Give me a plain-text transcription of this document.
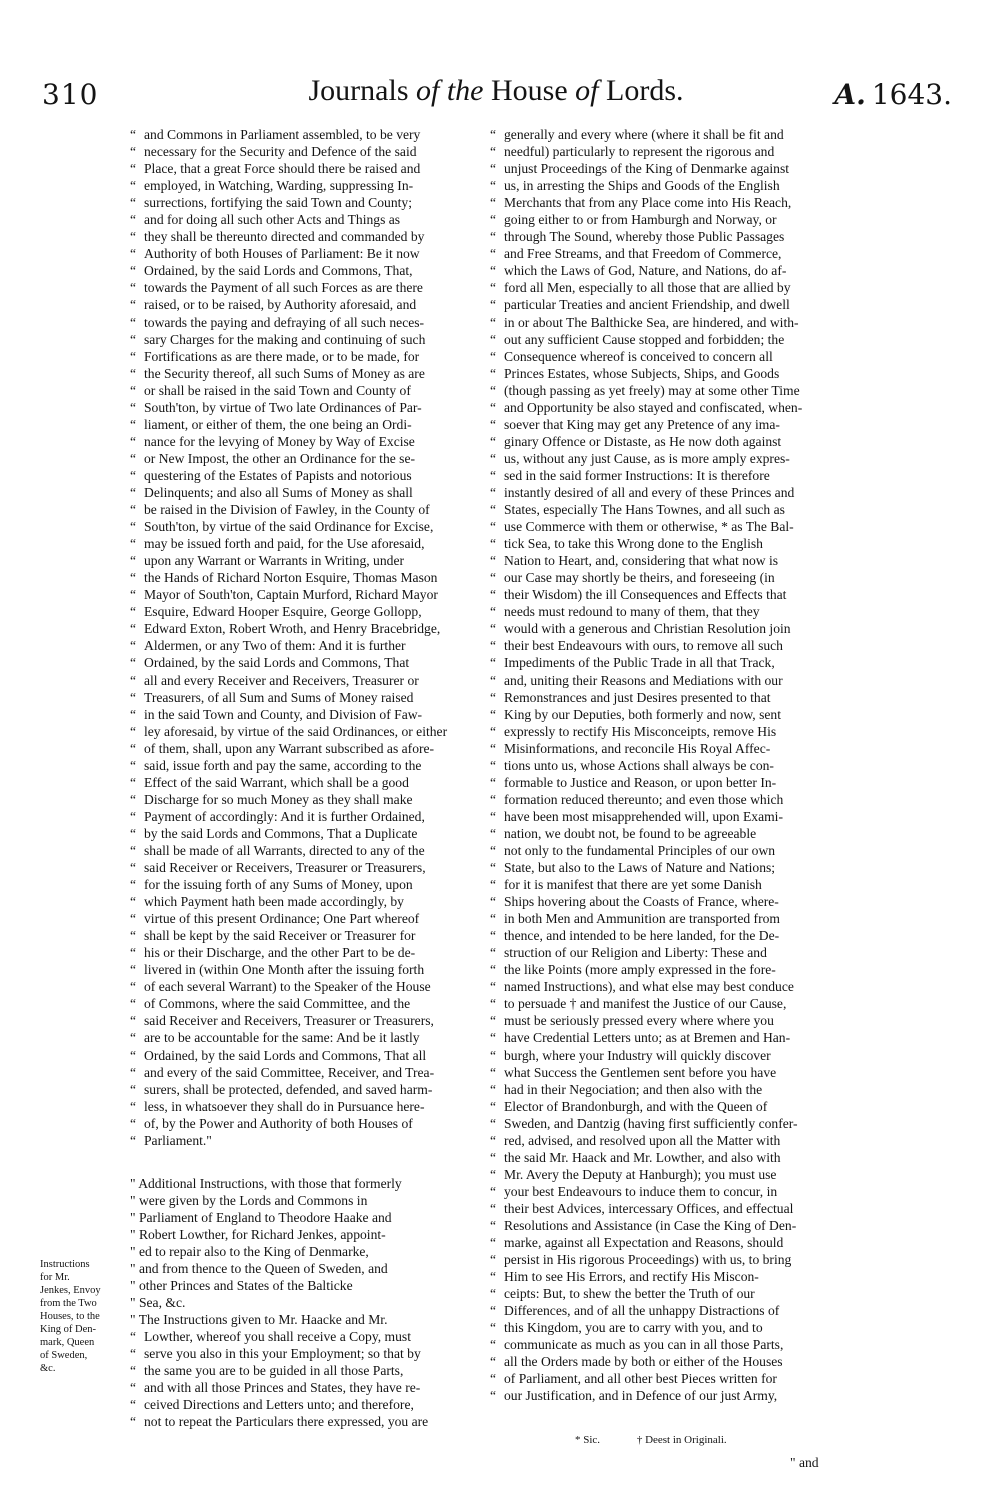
310	Journals of the House of Lords.	A. 1643.
“ and Commons in Parliament assembled, to be very
“ necessary for the Security and Defence of the said
“ Place, that a great Force should there be raised and
“ employed, in Watching, Warding, suppressing In-
“ surrections, fortifying the said Town and County;
“ and for doing all such other Acts and Things as
“ they shall be thereunto directed and commanded by
“ Authority of both Houses of Parliament: Be it now
“ Ordained, by the said Lords and Commons, That,
“ towards the Payment of all such Forces as are there
“ raised, or to be raised, by Authority aforesaid, and
“ towards the paying and defraying of all such neces-
“ sary Charges for the making and continuing of such
“ Fortifications as are there made, or to be made, for
“ the Security thereof, all such Sums of Money as are
“ or shall be raised in the said Town and County of
“ South'ton, by virtue of Two late Ordinances of Par-
“ liament, or either of them, the one being an Ordi-
“ nance for the levying of Money by Way of Excise
“ or New Impost, the other an Ordinance for the se-
“ questering of the Estates of Papists and notorious
“ Delinquents; and also all Sums of Money as shall
“ be raised in the Division of Fawley, in the County of
“ South'ton, by virtue of the said Ordinance for Excise,
“ may be issued forth and paid, for the Use aforesaid,
“ upon any Warrant or Warrants in Writing, under
“ the Hands of Richard Norton Esquire, Thomas Mason
“ Mayor of South'ton, Captain Murford, Richard Mayor
“ Esquire, Edward Hooper Esquire, George Gollopp,
“ Edward Exton, Robert Wroth, and Henry Bracebridge,
“ Aldermen, or any Two of them: And it is further
“ Ordained, by the said Lords and Commons, That
“ all and every Receiver and Receivers, Treasurer or
“ Treasurers, of all Sum and Sums of Money raised
“ in the said Town and County, and Division of Faw-
“ ley aforesaid, by virtue of the said Ordinances, or either
“ of them, shall, upon any Warrant subscribed as afore-
“ said, issue forth and pay the same, according to the
“ Effect of the said Warrant, which shall be a good
“ Discharge for so much Money as they shall make
“ Payment of accordingly: And it is further Ordained,
“ by the said Lords and Commons, That a Duplicate
“ shall be made of all Warrants, directed to any of the
“ said Receiver or Receivers, Treasurer or Treasurers,
“ for the issuing forth of any Sums of Money, upon
“ which Payment hath been made accordingly, by
“ virtue of this present Ordinance; One Part whereof
“ shall be kept by the said Receiver or Treasurer for
“ his or their Discharge, and the other Part to be de-
“ livered in (within One Month after the issuing forth
“ of each several Warrant) to the Speaker of the House
“ of Commons, where the said Committee, and the
“ said Receiver and Receivers, Treasurer or Treasurers,
“ are to be accountable for the same: And be it lastly
“ Ordained, by the said Lords and Commons, That all
“ and every of the said Committee, Receiver, and Trea-
“ surers, shall be protected, defended, and saved harm-
“ less, in whatsoever they shall do in Pursuance here-
“ of, by the Power and Authority of both Houses of
“ Parliament."
" Additional Instructions, with those that formerly
" were given by the Lords and Commons in
" Parliament of England to Theodore Haake and
" Robert Lowther, for Richard Jenkes, appoint-
" ed to repair also to the King of Denmarke,
" and from thence to the Queen of Sweden, and
" other Princes and States of the Balticke
" Sea, &c.
" The Instructions given to Mr. Haacke and Mr.
“ Lowther, whereof you shall receive a Copy, must
“ serve you also in this your Employment; so that by
“ the same you are to be guided in all those Parts,
“ and with all those Princes and States, they have re-
“ ceived Directions and Letters unto; and therefore,
“ not to repeat the Particulars there expressed, you are
“ generally and every where (where it shall be fit and
“ needful) particularly to represent the rigorous and
“ unjust Proceedings of the King of Denmarke against
“ us, in arresting the Ships and Goods of the English
“ Merchants that from any Place come into His Reach,
“ going either to or from Hamburgh and Norway, or
“ through The Sound, whereby those Public Passages
“ and Free Streams, and that Freedom of Commerce,
“ which the Laws of God, Nature, and Nations, do af-
“ ford all Men, especially to all those that are allied by
“ particular Treaties and ancient Friendship, and dwell
“ in or about The Balthicke Sea, are hindered, and with-
“ out any sufficient Cause stopped and forbidden; the
“ Consequence whereof is conceived to concern all
“ Princes Estates, whose Subjects, Ships, and Goods
“ (though passing as yet freely) may at some other Time
“ and Opportunity be also stayed and confiscated, when-
“ soever that King may get any Pretence of any ima-
“ ginary Offence or Distaste, as He now doth against
“ us, without any just Cause, as is more amply expres-
“ sed in the said former Instructions: It is therefore
“ instantly desired of all and every of these Princes and
“ States, especially The Hans Townes, and all such as
“ use Commerce with them or otherwise, * as The Bal-
“ tick Sea, to take this Wrong done to the English
“ Nation to Heart, and, considering that what now is
“ our Case may shortly be theirs, and foreseeing (in
“ their Wisdom) the ill Consequences and Effects that
“ needs must redound to many of them, that they
“ would with a generous and Christian Resolution join
“ their best Endeavours with ours, to remove all such
“ Impediments of the Public Trade in all that Track,
“ and, uniting their Reasons and Mediations with our
“ Remonstrances and just Desires presented to that
“ King by our Deputies, both formerly and now, sent
“ expressly to rectify His Misconceipts, remove His
“ Misinformations, and reconcile His Royal Affec-
“ tions unto us, whose Actions shall always be con-
“ formable to Justice and Reason, or upon better In-
“ formation reduced thereunto; and even those which
“ have been most misapprehended will, upon Exami-
“ nation, we doubt not, be found to be agreeable
“ not only to the fundamental Principles of our own
“ State, but also to the Laws of Nature and Nations;
“ for it is manifest that there are yet some Danish
“ Ships hovering about the Coasts of France, where-
“ in both Men and Ammunition are transported from
“ thence, and intended to be here landed, for the De-
“ struction of our Religion and Liberty: These and
“ the like Points (more amply expressed in the fore-
“ named Instructions), and what else may best conduce
“ to persuade † and manifest the Justice of our Cause,
“ must be seriously pressed every where where you
“ have Credential Letters unto; as at Bremen and Han-
“ burgh, where your Industry will quickly discover
“ what Success the Gentlemen sent before you have
“ had in their Negociation; and then also with the
“ Elector of Brandonburgh, and with the Queen of
“ Sweden, and Dantzig (having first sufficiently confer-
“ red, advised, and resolved upon all the Matter with
“ the said Mr. Haack and Mr. Lowther, and also with
“ Mr. Avery the Deputy at Hanburgh); you must use
“ your best Endeavours to induce them to concur, in
“ their best Advices, intercessary Offices, and effectual
“ Resolutions and Assistance (in Case the King of Den-
“ marke, against all Expectation and Reasons, should
“ persist in His rigorous Proceedings) with us, to bring
“ Him to see His Errors, and rectify His Miscon-
“ ceipts: But, to shew the better the Truth of our
“ Differences, and of all the unhappy Distractions of
“ this Kingdom, you are to carry with you, and to
“ communicate as much as you can in all those Parts,
“ all the Orders made by both or either of the Houses
“ of Parliament, and all other best Pieces written for
“ our Justification, and in Defence of our just Army,
Instructions
for Mr.
Jenkes, Envoy
from the Two
Houses, to the
King of Den-
mark, Queen
of Sweden,
&c.
* Sic.	† Deest in Originali.
" and
